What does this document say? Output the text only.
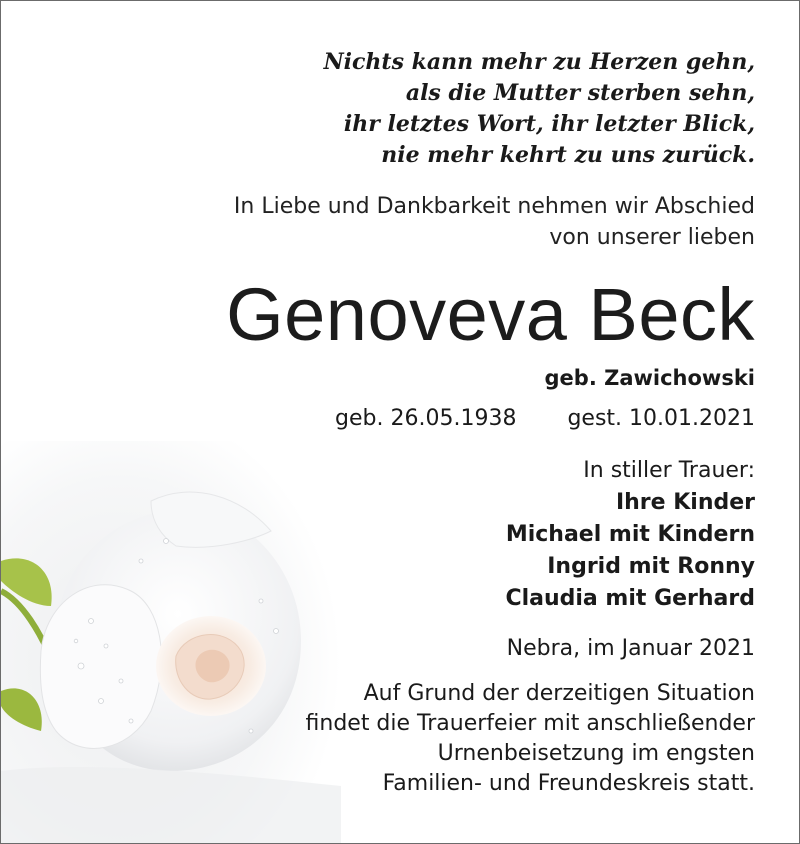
Nichts kann mehr zu Herzen gehn,
als die Mutter sterben sehn,
ihr letztes Wort, ihr letzter Blick,
nie mehr kehrt zu uns zurück.
In Liebe und Dankbarkeit nehmen wir Abschied
von unserer lieben
Genoveva Beck
geb. Zawichowski
geb. 26.05.1938 gest. 10.01.2021
In stiller Trauer:
Ihre Kinder
Michael mit Kindern
Ingrid mit Ronny
Claudia mit Gerhard
Nebra, im Januar 2021
Auf Grund der derzeitigen Situation
findet die Trauerfeier mit anschließender
Urnenbeisetzung im engsten
Familien- und Freundeskreis statt.
